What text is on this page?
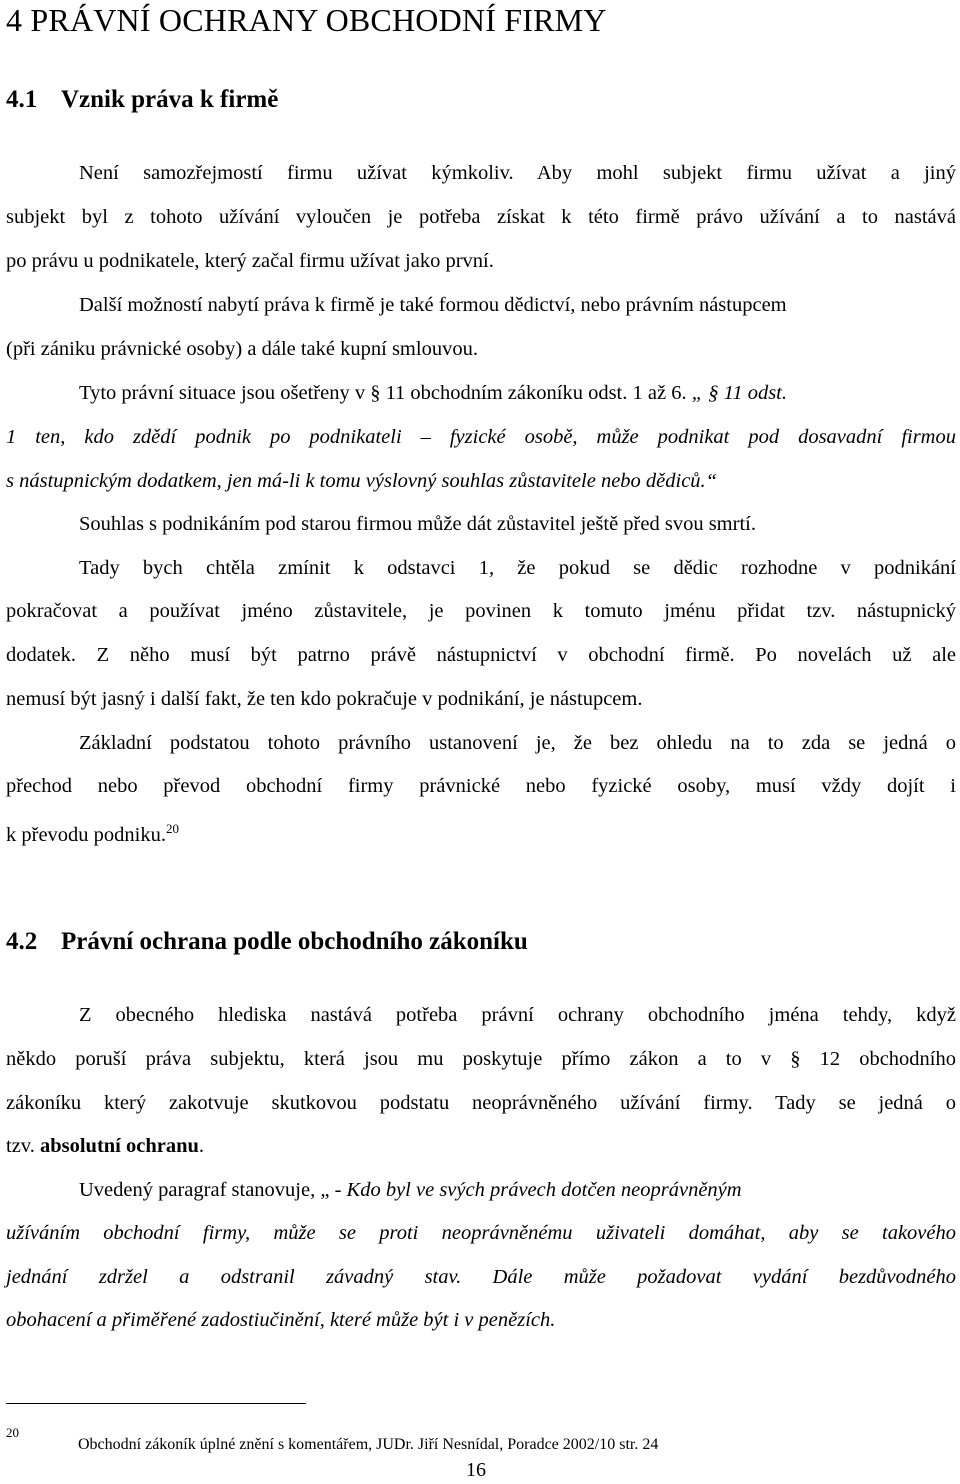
4 PRÁVNÍ OCHRANY OBCHODNÍ FIRMY
4.1 Vznik práva k firmě
Není samozřejmostí firmu užívat kýmkoliv. Aby mohl subjekt firmu užívat a jiný
subjekt byl z tohoto užívání vyloučen je potřeba získat k této firmě právo užívání a to nastává
po právu u podnikatele, který začal firmu užívat jako první.
Další možností nabytí práva k firmě je také formou dědictví, nebo právním nástupcem
(při zániku právnické osoby) a dále také kupní smlouvou.
Tyto právní situace jsou ošetřeny v § 11 obchodním zákoníku odst. 1 až 6. „ § 11 odst.
1 ten, kdo zdědí podnik po podnikateli – fyzické osobě, může podnikat pod dosavadní firmou
s nástupnickým dodatkem, jen má-li k tomu výslovný souhlas zůstavitele nebo dědiců.“
Souhlas s podnikáním pod starou firmou může dát zůstavitel ještě před svou smrtí.
Tady bych chtěla zmínit k odstavci 1, že pokud se dědic rozhodne v podnikání
pokračovat a používat jméno zůstavitele, je povinen k tomuto jménu přidat tzv. nástupnický
dodatek. Z něho musí být patrno právě nástupnictví v obchodní firmě. Po novelách už ale
nemusí být jasný i další fakt, že ten kdo pokračuje v podnikání, je nástupcem.
Základní podstatou tohoto právního ustanovení je, že bez ohledu na to zda se jedná o
přechod nebo převod obchodní firmy právnické nebo fyzické osoby, musí vždy dojít i
k převodu podniku.$^{20}$
4.2 Právní ochrana podle obchodního zákoníku
Z obecného hlediska nastává potřeba právní ochrany obchodního jména tehdy, když
někdo poruší práva subjektu, která jsou mu poskytuje přímo zákon a to v § 12 obchodního
zákoníku který zakotvuje skutkovou podstatu neoprávněného užívání firmy. Tady se jedná o
tzv. absolutní ochranu.
Uvedený paragraf stanovuje, „ - Kdo byl ve svých právech dotčen neoprávněným
užíváním obchodní firmy, může se proti neoprávněnému uživateli domáhat, aby se takového
jednání zdržel a odstranil závadný stav. Dále může požadovat vydání bezdůvodného
obohacení a přiměřené zadostiučinění, které může být i v penězích.
20
Obchodní zákoník úplné znění s komentářem, JUDr. Jiří Nesnídal, Poradce 2002/10 str. 24
16
